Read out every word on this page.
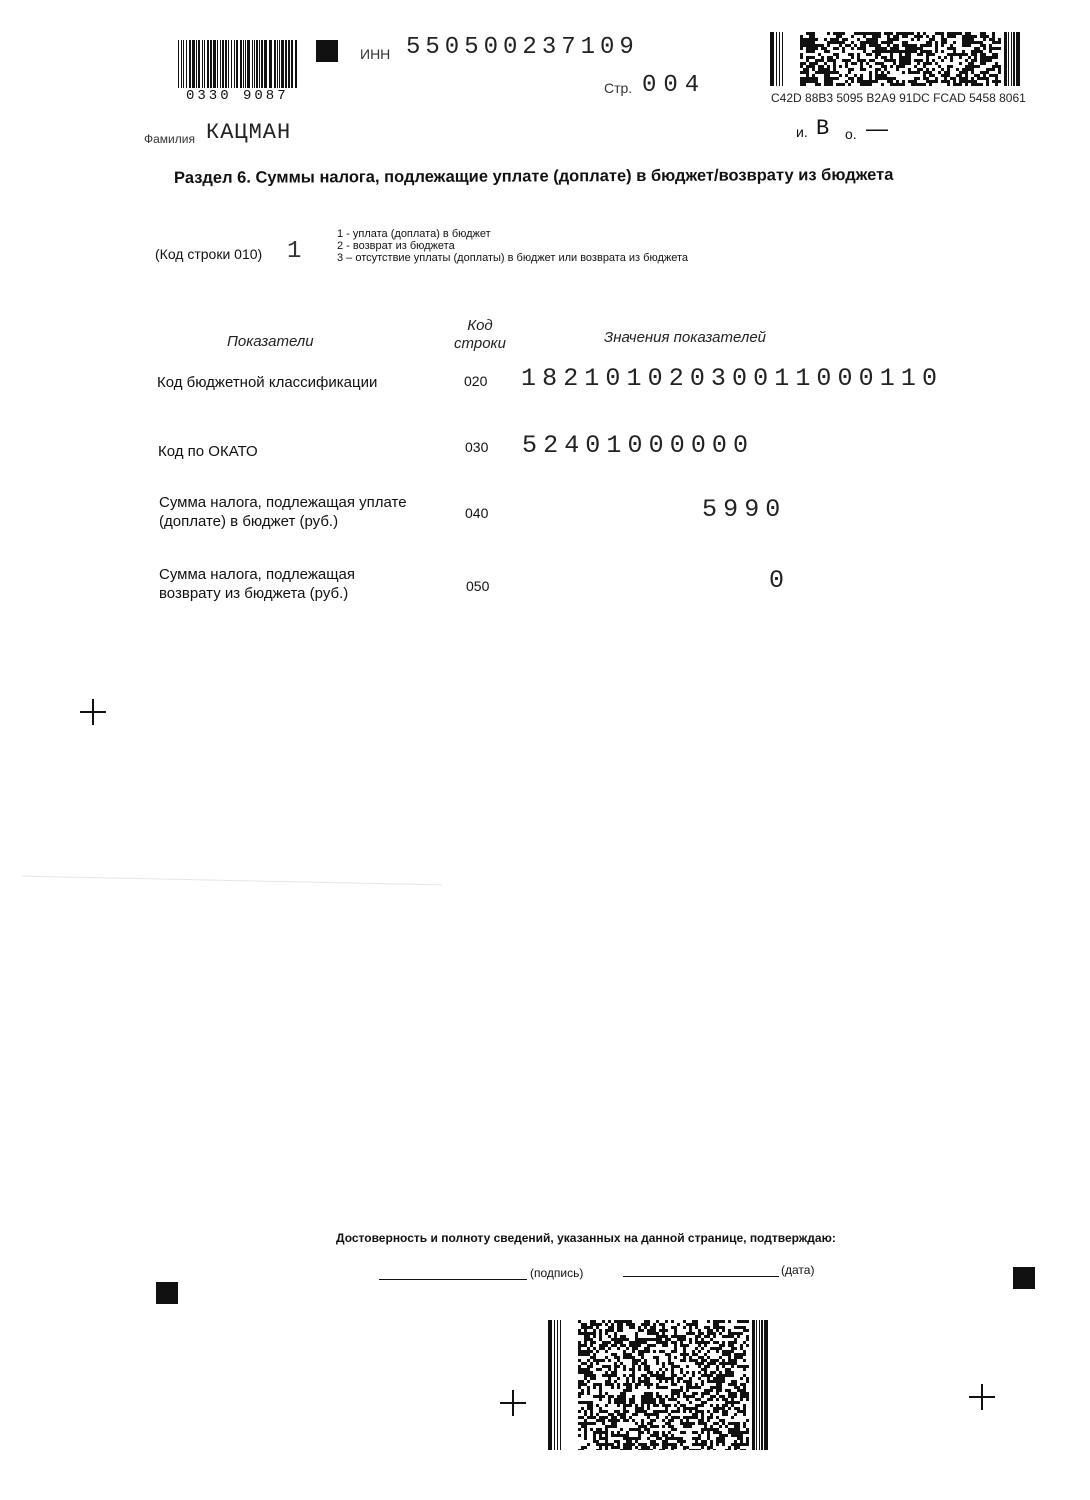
0330 9087
ИНН 550500237109
Стр. 004	C42D 88B3 5095 B2A9 91DC FCAD 5458 8061
Фамилия КАЦМАН	и. В о. —
Раздел 6. Суммы налога, подлежащие уплате (доплате) в бюджет/возврату из бюджета
(Код строки 010) 1
1 - уплата (доплата) в бюджет
2 - возврат из бюджета
3 – отсутствие уплаты (доплаты) в бюджет или возврата из бюджета
Показатели
Код
строки	Значения показателей
Код бюджетной классификации	020 18210102030011000110
Код по ОКАТО	030 52401000000
Сумма налога, подлежащая уплате
(доплате) в бюджет (руб.)	040	5990
Сумма налога, подлежащая
возврату из бюджета (руб.)	050	0
Достоверность и полноту сведений, указанных на данной странице, подтверждаю:
(подпись)	(дата)
